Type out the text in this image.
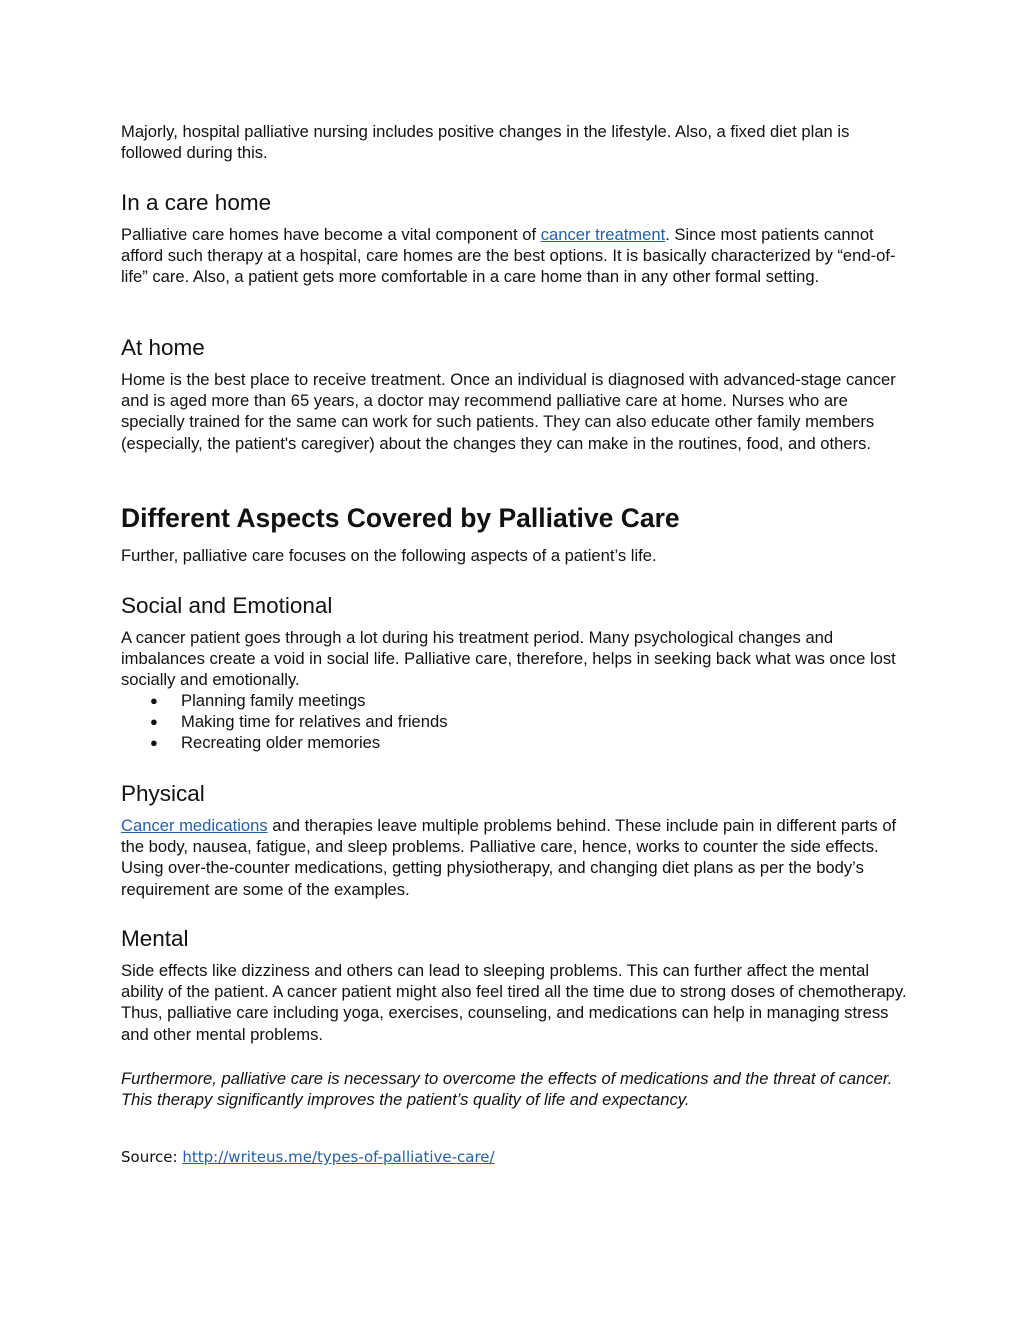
Majorly, hospital palliative nursing includes positive changes in the lifestyle. Also, a fixed diet plan is followed during this.

In a care home

Palliative care homes have become a vital component of cancer treatment. Since most patients cannot afford such therapy at a hospital, care homes are the best options. It is basically characterized by “end-of-life” care. Also, a patient gets more comfortable in a care home than in any other formal setting.

At home

Home is the best place to receive treatment. Once an individual is diagnosed with advanced-stage cancer and is aged more than 65 years, a doctor may recommend palliative care at home. Nurses who are specially trained for the same can work for such patients. They can also educate other family members (especially, the patient's caregiver) about the changes they can make in the routines, food, and others.

Different Aspects Covered by Palliative Care

Further, palliative care focuses on the following aspects of a patient’s life.

Social and Emotional

A cancer patient goes through a lot during his treatment period. Many psychological changes and imbalances create a void in social life. Palliative care, therefore, helps in seeking back what was once lost socially and emotionally.

● Planning family meetings
● Making time for relatives and friends
● Recreating older memories
Physical

Cancer medications and therapies leave multiple problems behind. These include pain in different parts of the body, nausea, fatigue, and sleep problems. Palliative care, hence, works to counter the side effects. Using over-the-counter medications, getting physiotherapy, and changing diet plans as per the body’s requirement are some of the examples.

Mental

Side effects like dizziness and others can lead to sleeping problems. This can further affect the mental ability of the patient. A cancer patient might also feel tired all the time due to strong doses of chemotherapy. Thus, palliative care including yoga, exercises, counseling, and medications can help in managing stress and other mental problems.

Furthermore, palliative care is necessary to overcome the effects of medications and the threat of cancer. This therapy significantly improves the patient’s quality of life and expectancy.

Source: http://writeus.me/types-of-palliative-care/
